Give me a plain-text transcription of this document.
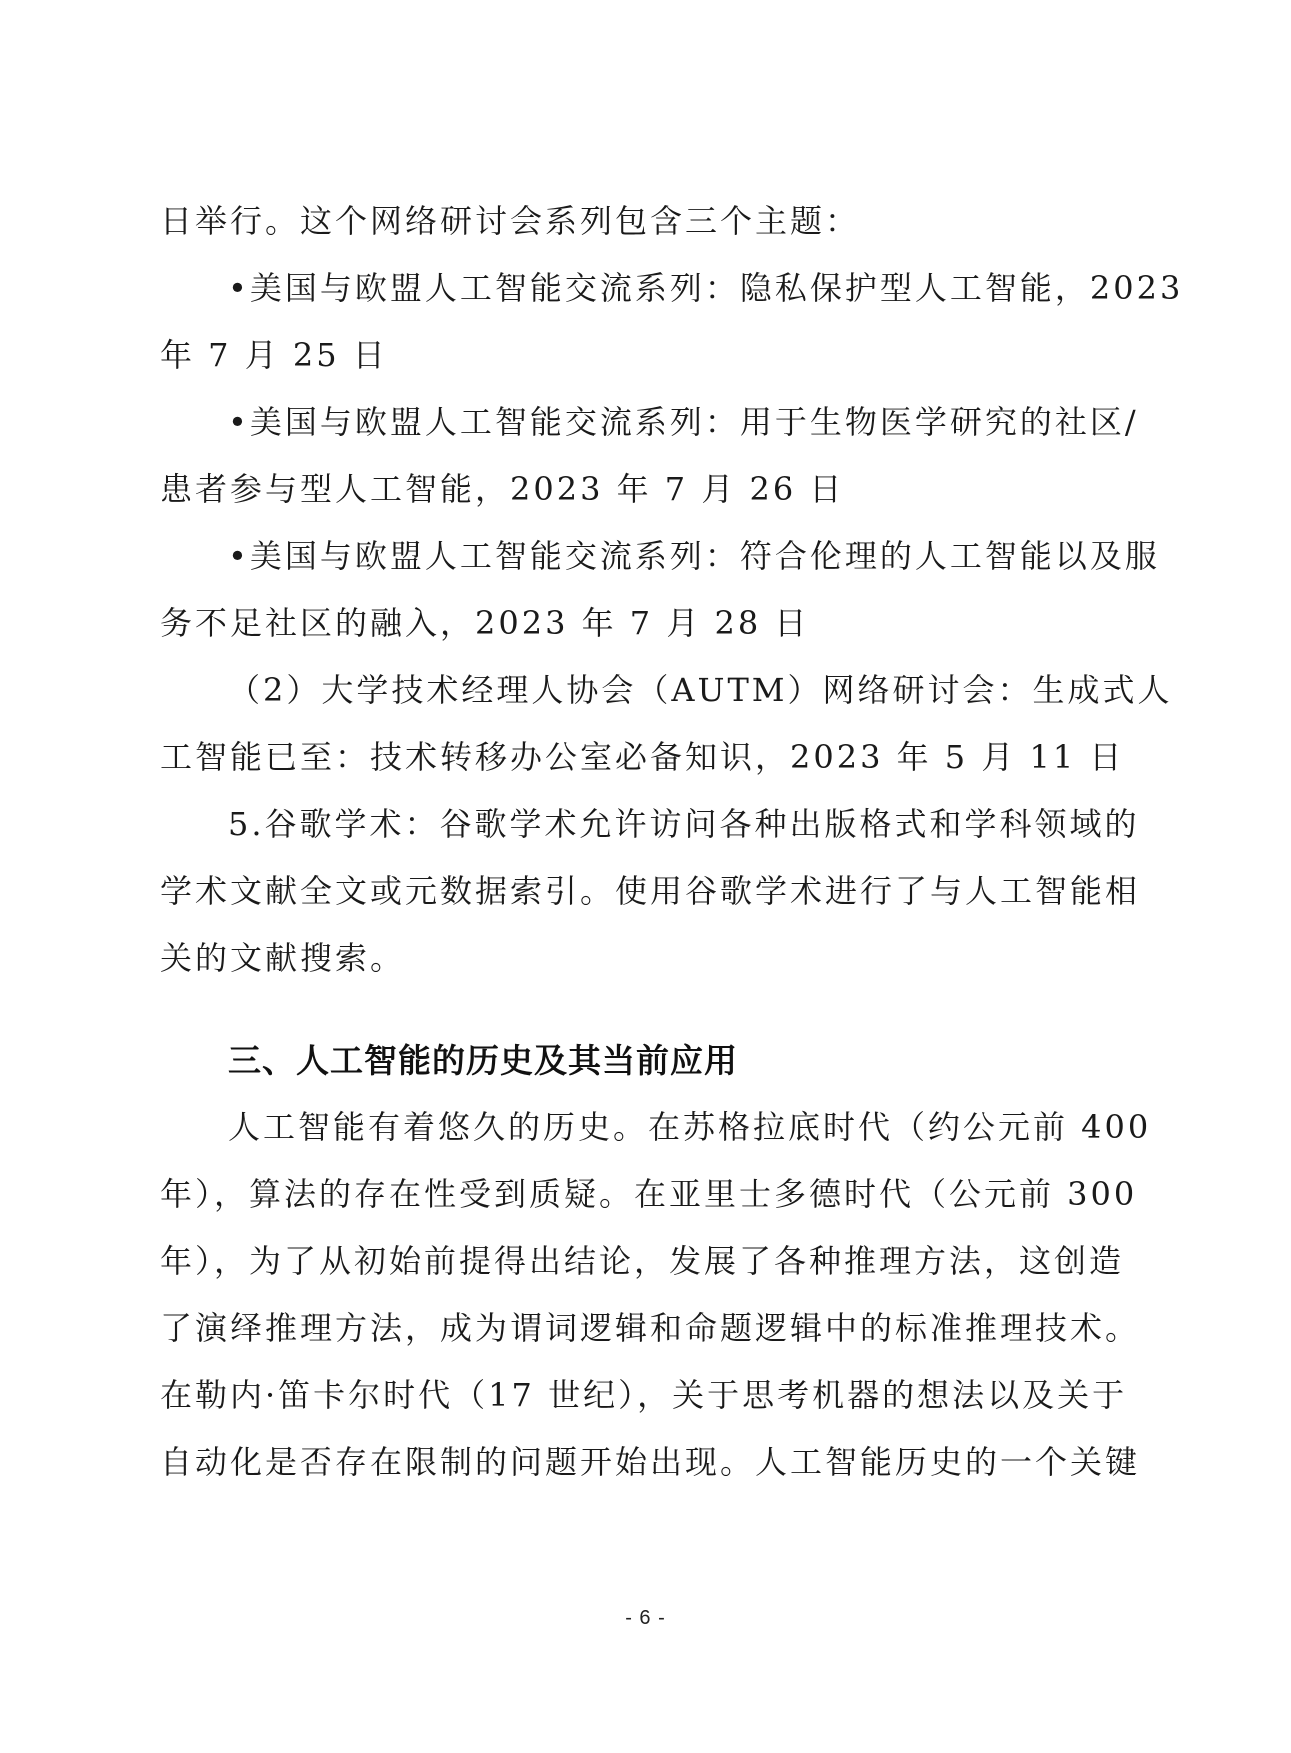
日举行。这个网络研讨会系列包含三个主题：
•美国与欧盟人工智能交流系列：隐私保护型人工智能，2023
年 7 月 25 日
•美国与欧盟人工智能交流系列：用于生物医学研究的社区/
患者参与型人工智能，2023 年 7 月 26 日
•美国与欧盟人工智能交流系列：符合伦理的人工智能以及服
务不足社区的融入，2023 年 7 月 28 日
（2）大学技术经理人协会（AUTM）网络研讨会：生成式人
工智能已至：技术转移办公室必备知识，2023 年 5 月 11 日
5.谷歌学术：谷歌学术允许访问各种出版格式和学科领域的
学术文献全文或元数据索引。使用谷歌学术进行了与人工智能相
关的文献搜索。
三、人工智能的历史及其当前应用
人工智能有着悠久的历史。在苏格拉底时代（约公元前 400
年），算法的存在性受到质疑。在亚里士多德时代（公元前 300
年），为了从初始前提得出结论，发展了各种推理方法，这创造
了演绎推理方法，成为谓词逻辑和命题逻辑中的标准推理技术。
在勒内·笛卡尔时代（17 世纪），关于思考机器的想法以及关于
自动化是否存在限制的问题开始出现。人工智能历史的一个关键
- 6 -
